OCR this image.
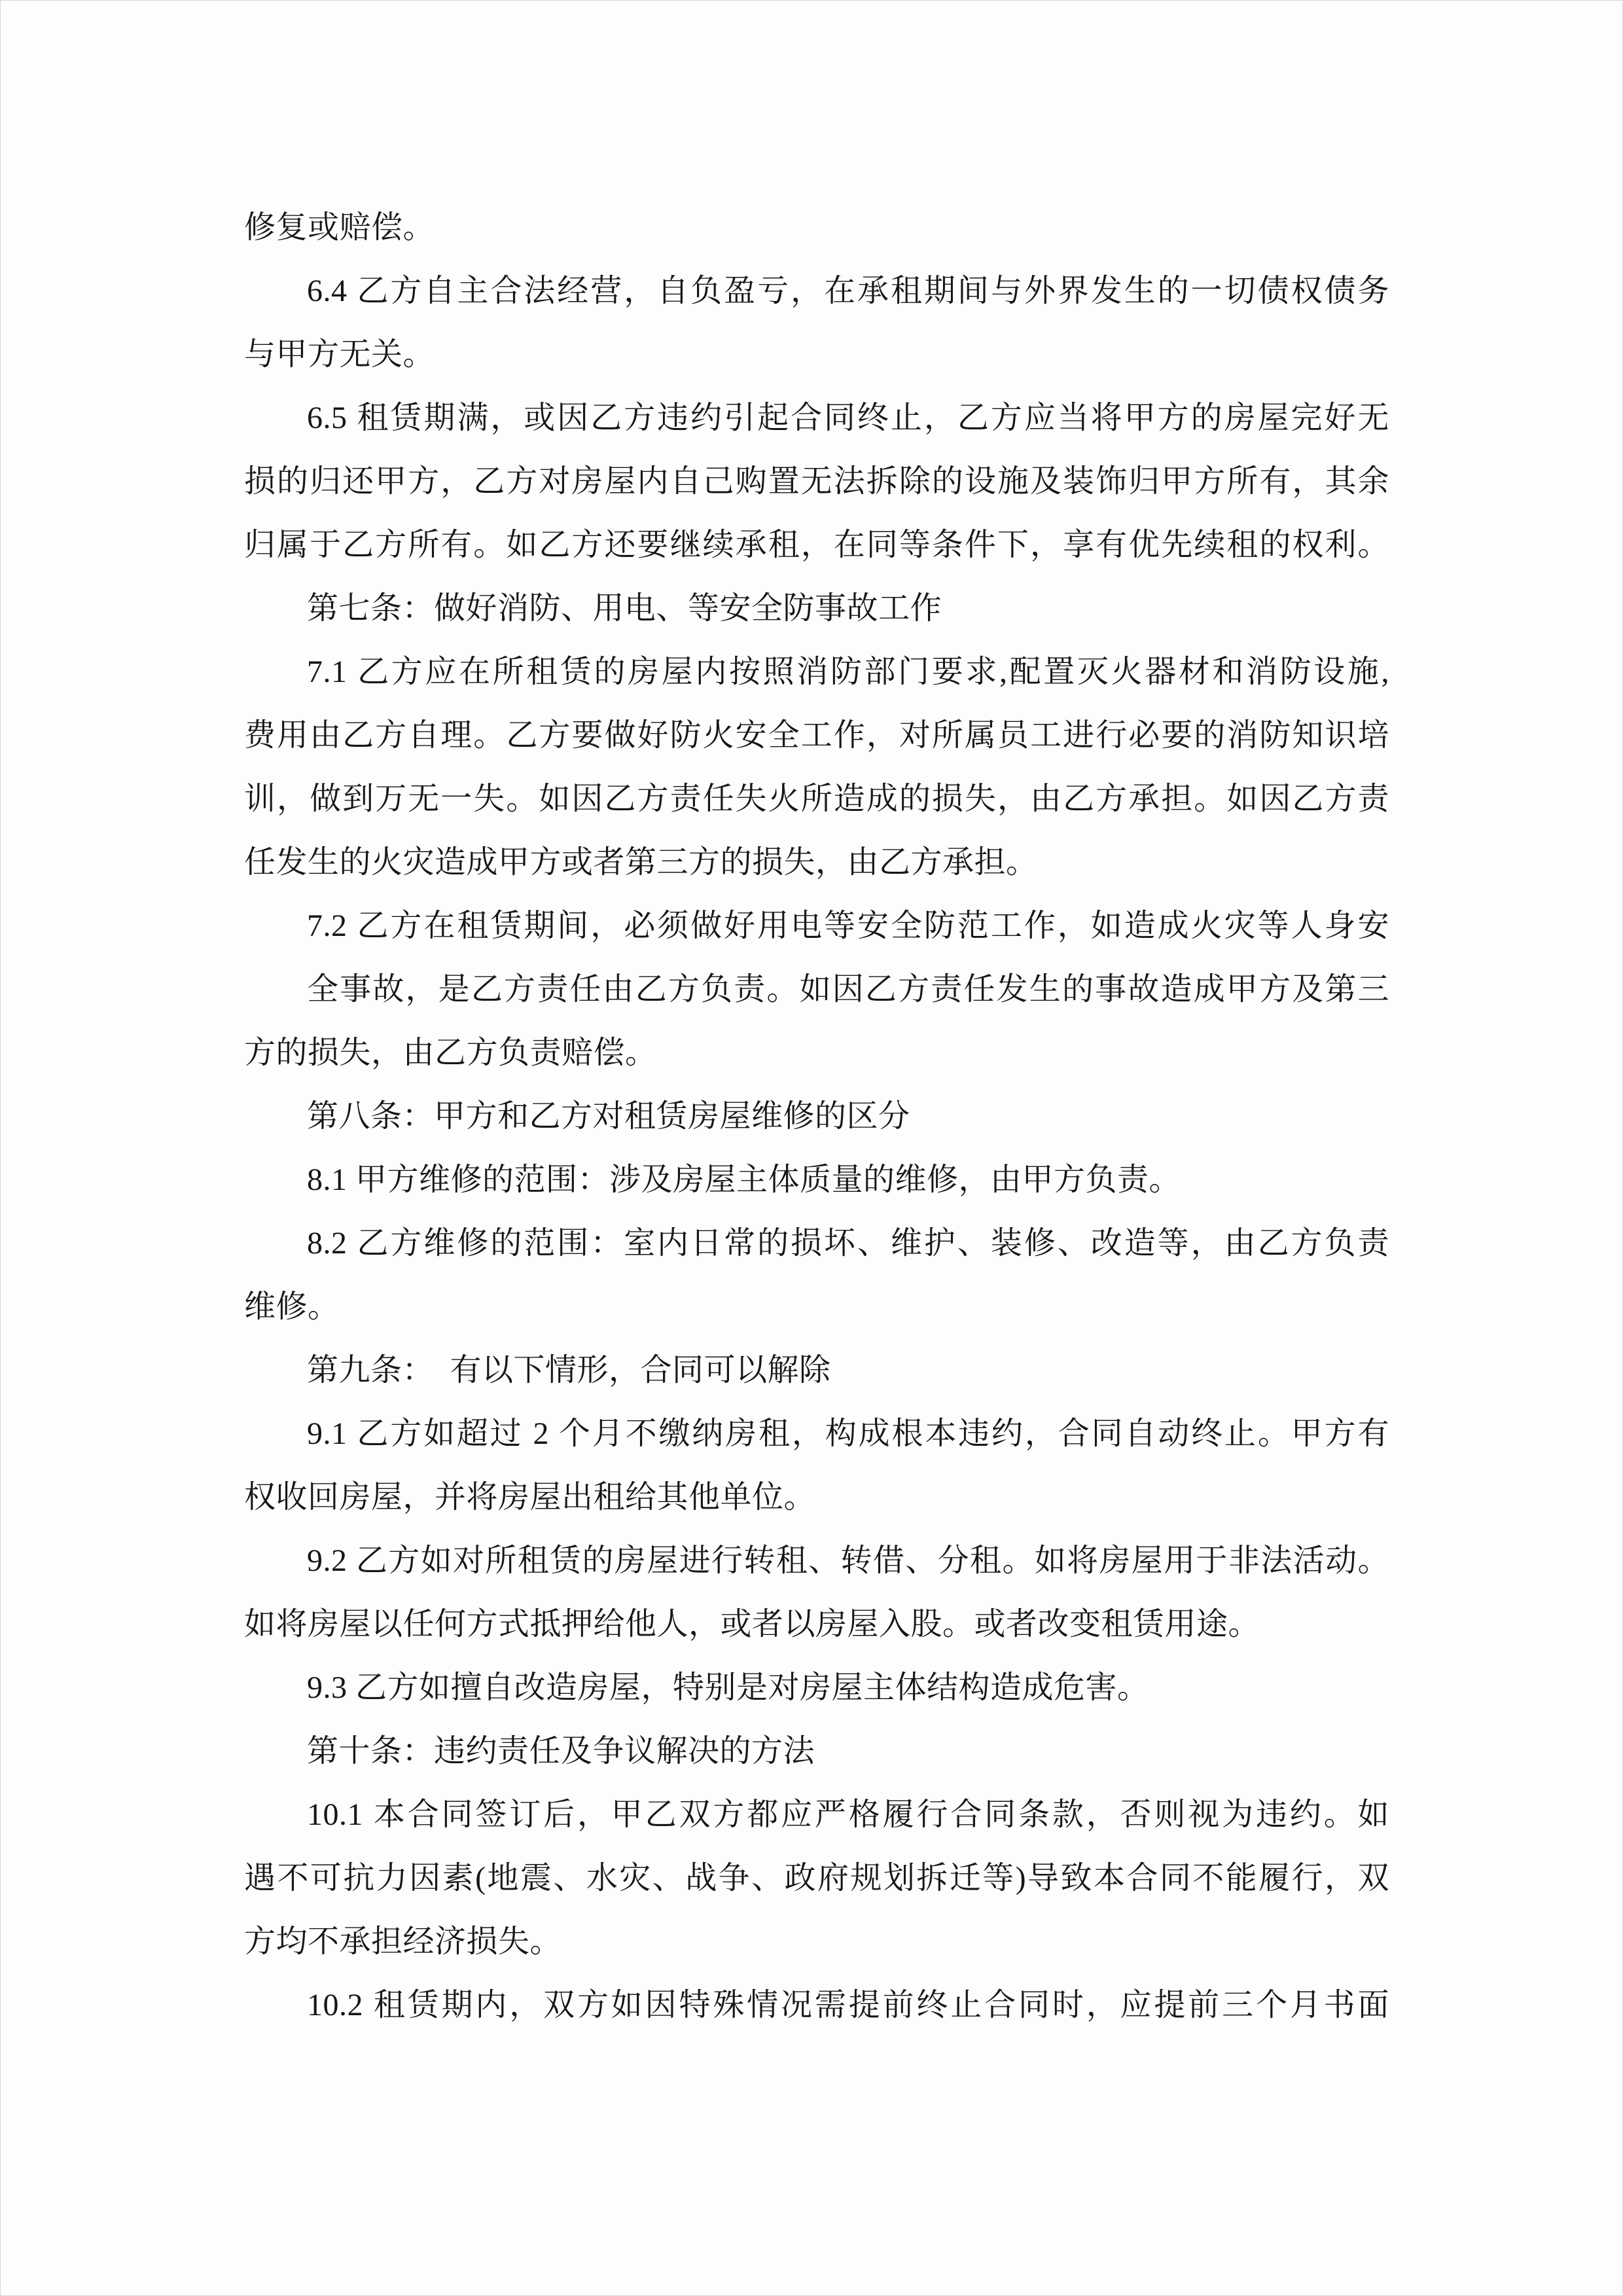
修复或赔偿。
6.4 乙方自主合法经营，自负盈亏，在承租期间与外界发生的一切债权债务
与甲方无关。
6.5 租赁期满，或因乙方违约引起合同终止，乙方应当将甲方的房屋完好无
损的归还甲方，乙方对房屋内自己购置无法拆除的设施及装饰归甲方所有，其余
归属于乙方所有。如乙方还要继续承租，在同等条件下，享有优先续租的权利。
第七条：做好消防、用电、等安全防事故工作
7.1 乙方应在所租赁的房屋内按照消防部门要求,配置灭火器材和消防设施,
费用由乙方自理。乙方要做好防火安全工作，对所属员工进行必要的消防知识培
训，做到万无一失。如因乙方责任失火所造成的损失，由乙方承担。如因乙方责
任发生的火灾造成甲方或者第三方的损失，由乙方承担。
7.2 乙方在租赁期间，必须做好用电等安全防范工作，如造成火灾等人身安
全事故，是乙方责任由乙方负责。如因乙方责任发生的事故造成甲方及第三
方的损失，由乙方负责赔偿。
第八条：甲方和乙方对租赁房屋维修的区分
8.1 甲方维修的范围：涉及房屋主体质量的维修，由甲方负责。
8.2 乙方维修的范围：室内日常的损坏、维护、装修、改造等，由乙方负责
维修。
第九条：　有以下情形，合同可以解除
9.1 乙方如超过 2 个月不缴纳房租，构成根本违约，合同自动终止。甲方有
权收回房屋，并将房屋出租给其他单位。
9.2 乙方如对所租赁的房屋进行转租、转借、分租。如将房屋用于非法活动。
如将房屋以任何方式抵押给他人，或者以房屋入股。或者改变租赁用途。
9.3 乙方如擅自改造房屋，特别是对房屋主体结构造成危害。
第十条：违约责任及争议解决的方法
10.1 本合同签订后，甲乙双方都应严格履行合同条款，否则视为违约。如
遇不可抗力因素(地震、水灾、战争、政府规划拆迁等)导致本合同不能履行，双
方均不承担经济损失。
10.2 租赁期内，双方如因特殊情况需提前终止合同时，应提前三个月书面
